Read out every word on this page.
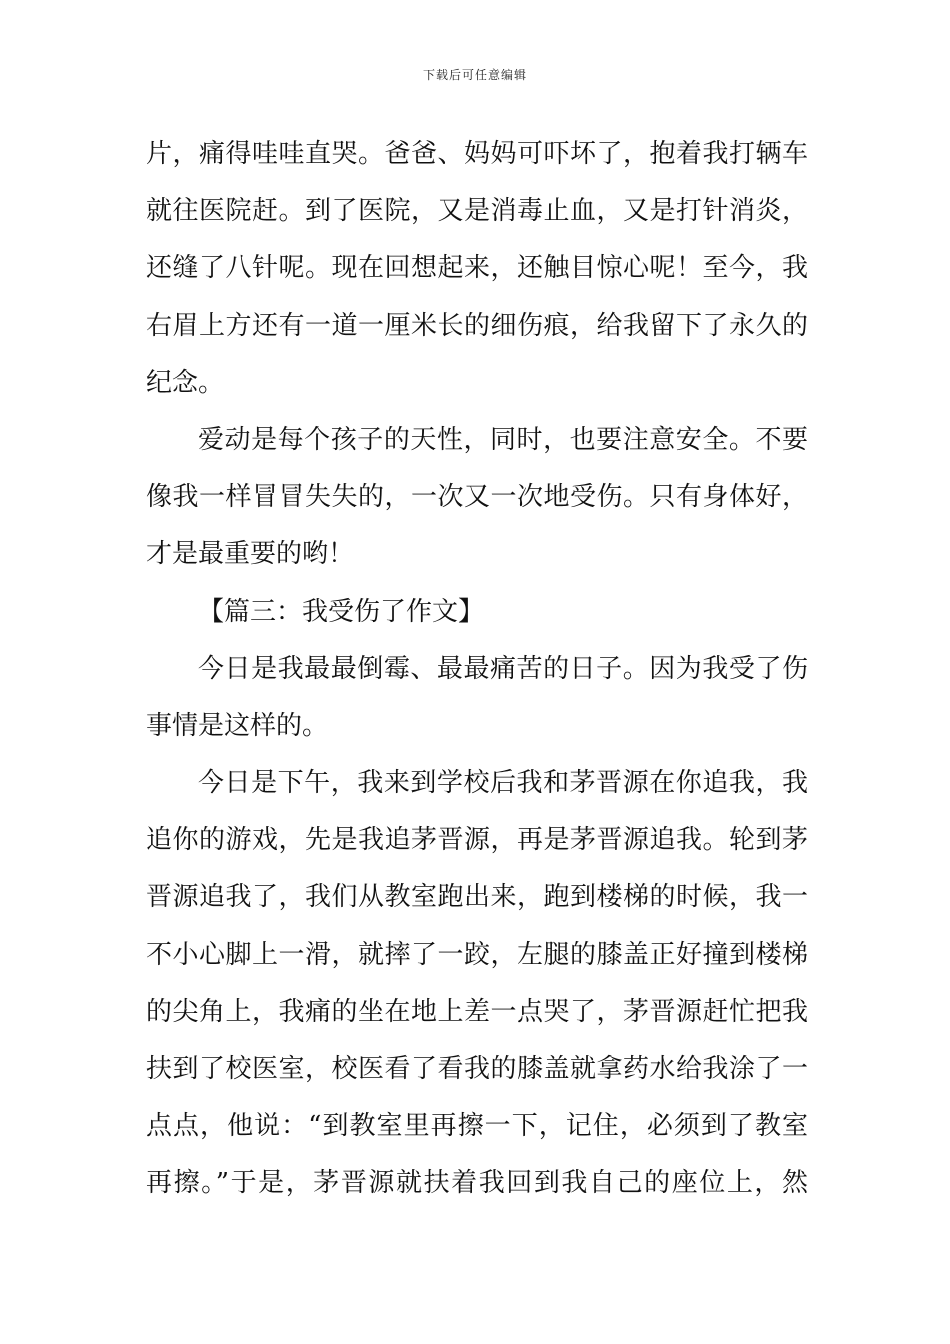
下载后可任意编辑
片，痛得哇哇直哭。爸爸、妈妈可吓坏了，抱着我打辆车
就往医院赶。到了医院，又是消毒止血，又是打针消炎，
还缝了八针呢。现在回想起来，还触目惊心呢！至今，我
右眉上方还有一道一厘米长的细伤痕，给我留下了永久的
纪念。
爱动是每个孩子的天性，同时，也要注意安全。不要
像我一样冒冒失失的，一次又一次地受伤。只有身体好，
才是最重要的哟！
【篇三：我受伤了作文】
今日是我最最倒霉、最最痛苦的日子。因为我受了伤
事情是这样的。
今日是下午，我来到学校后我和茅晋源在你追我，我
追你的游戏，先是我追茅晋源，再是茅晋源追我。轮到茅
晋源追我了，我们从教室跑出来，跑到楼梯的时候，我一
不小心脚上一滑，就摔了一跤，左腿的膝盖正好撞到楼梯
的尖角上，我痛的坐在地上差一点哭了，茅晋源赶忙把我
扶到了校医室，校医看了看我的膝盖就拿药水给我涂了一
点点，他说：“到教室里再擦一下，记住，必须到了教室
再擦。”于是，茅晋源就扶着我回到我自己的座位上，然
